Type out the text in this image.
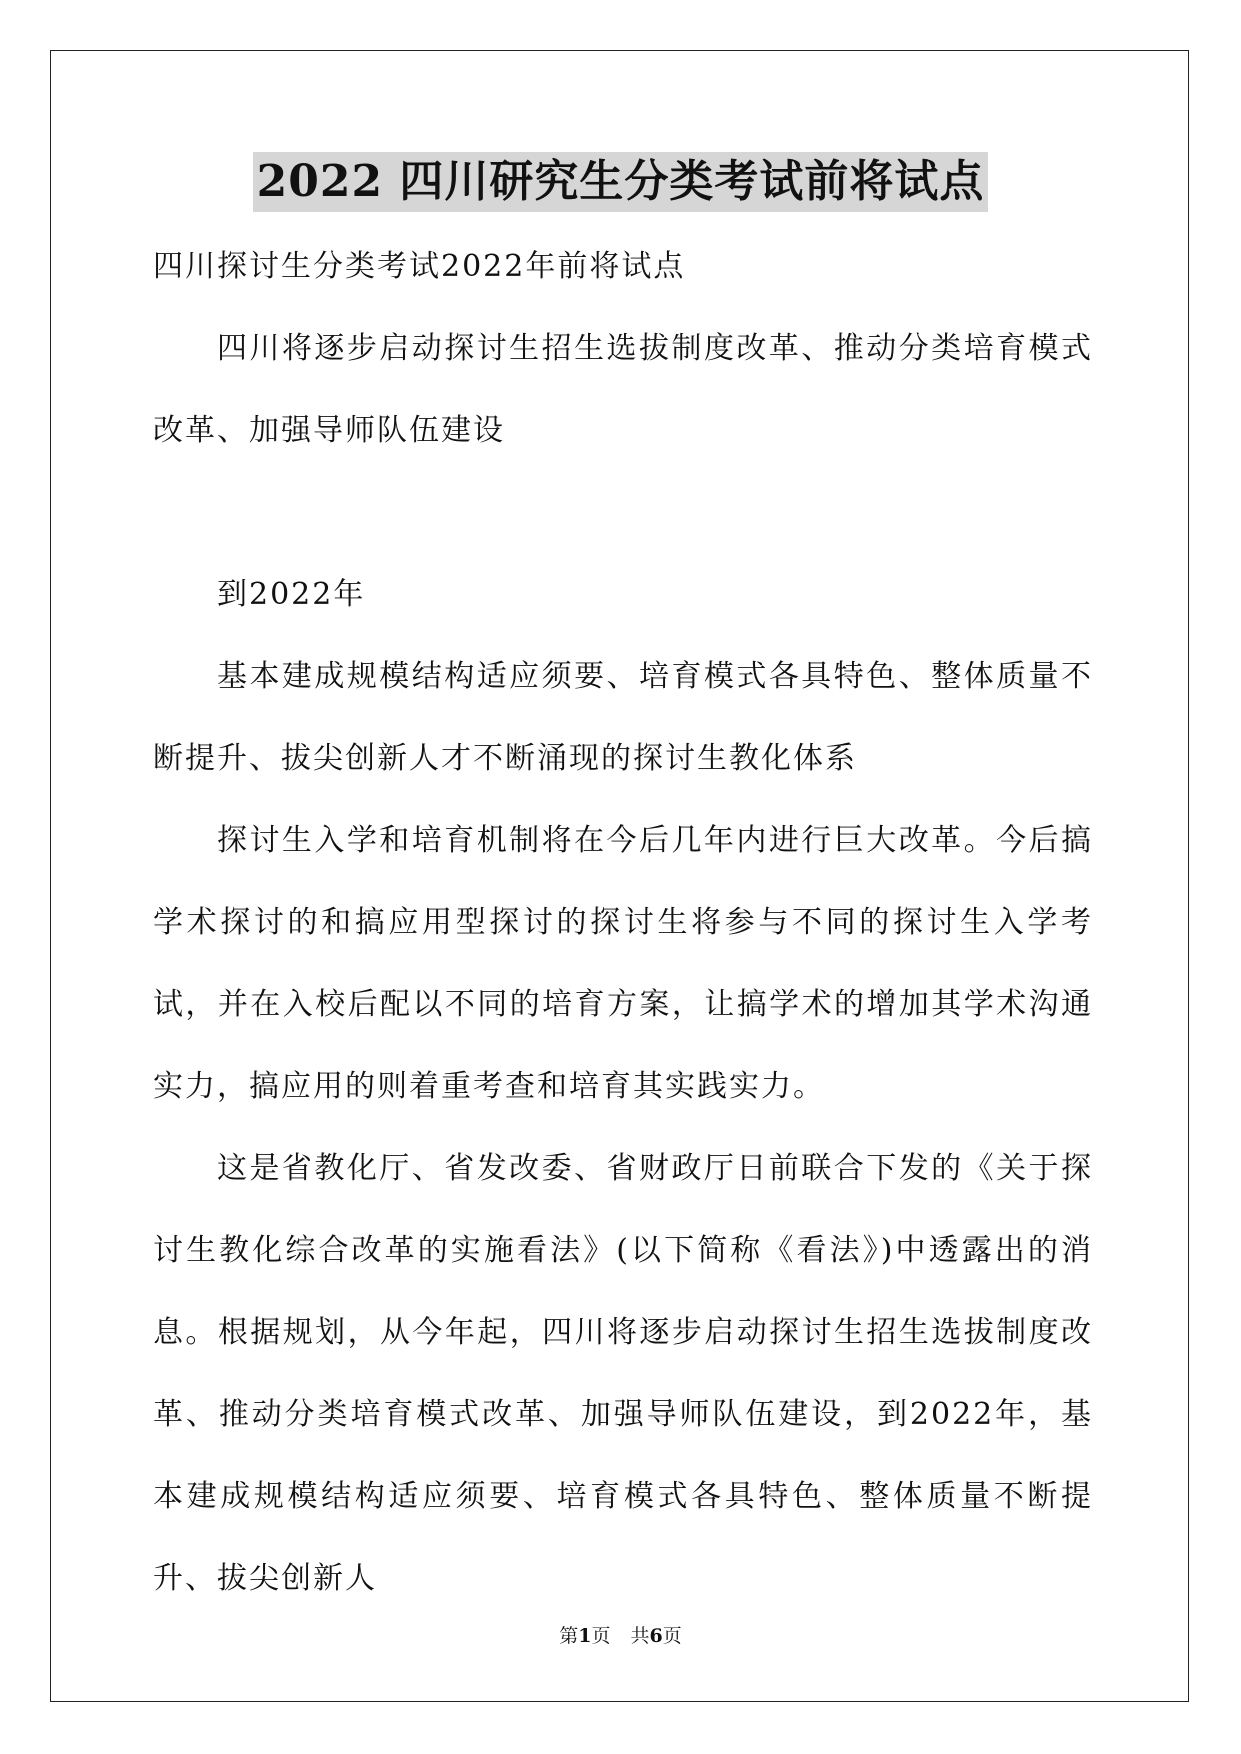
2022 四川研究生分类考试前将试点

四川探讨生分类考试2022年前将试点

四川将逐步启动探讨生招生选拔制度改革、推动分类培育模式改革、加强导师队伍建设

到2022年

基本建成规模结构适应须要、培育模式各具特色、整体质量不断提升、拔尖创新人才不断涌现的探讨生教化体系

探讨生入学和培育机制将在今后几年内进行巨大改革。今后搞学术探讨的和搞应用型探讨的探讨生将参与不同的探讨生入学考试，并在入校后配以不同的培育方案，让搞学术的增加其学术沟通实力，搞应用的则着重考查和培育其实践实力。

这是省教化厅、省发改委、省财政厅日前联合下发的《关于探讨生教化综合改革的实施看法》(以下简称《看法》)中透露出的消息。根据规划，从今年起，四川将逐步启动探讨生招生选拔制度改革、推动分类培育模式改革、加强导师队伍建设，到2022年，基本建成规模结构适应须要、培育模式各具特色、整体质量不断提升、拔尖创新人

第1页 共6页
